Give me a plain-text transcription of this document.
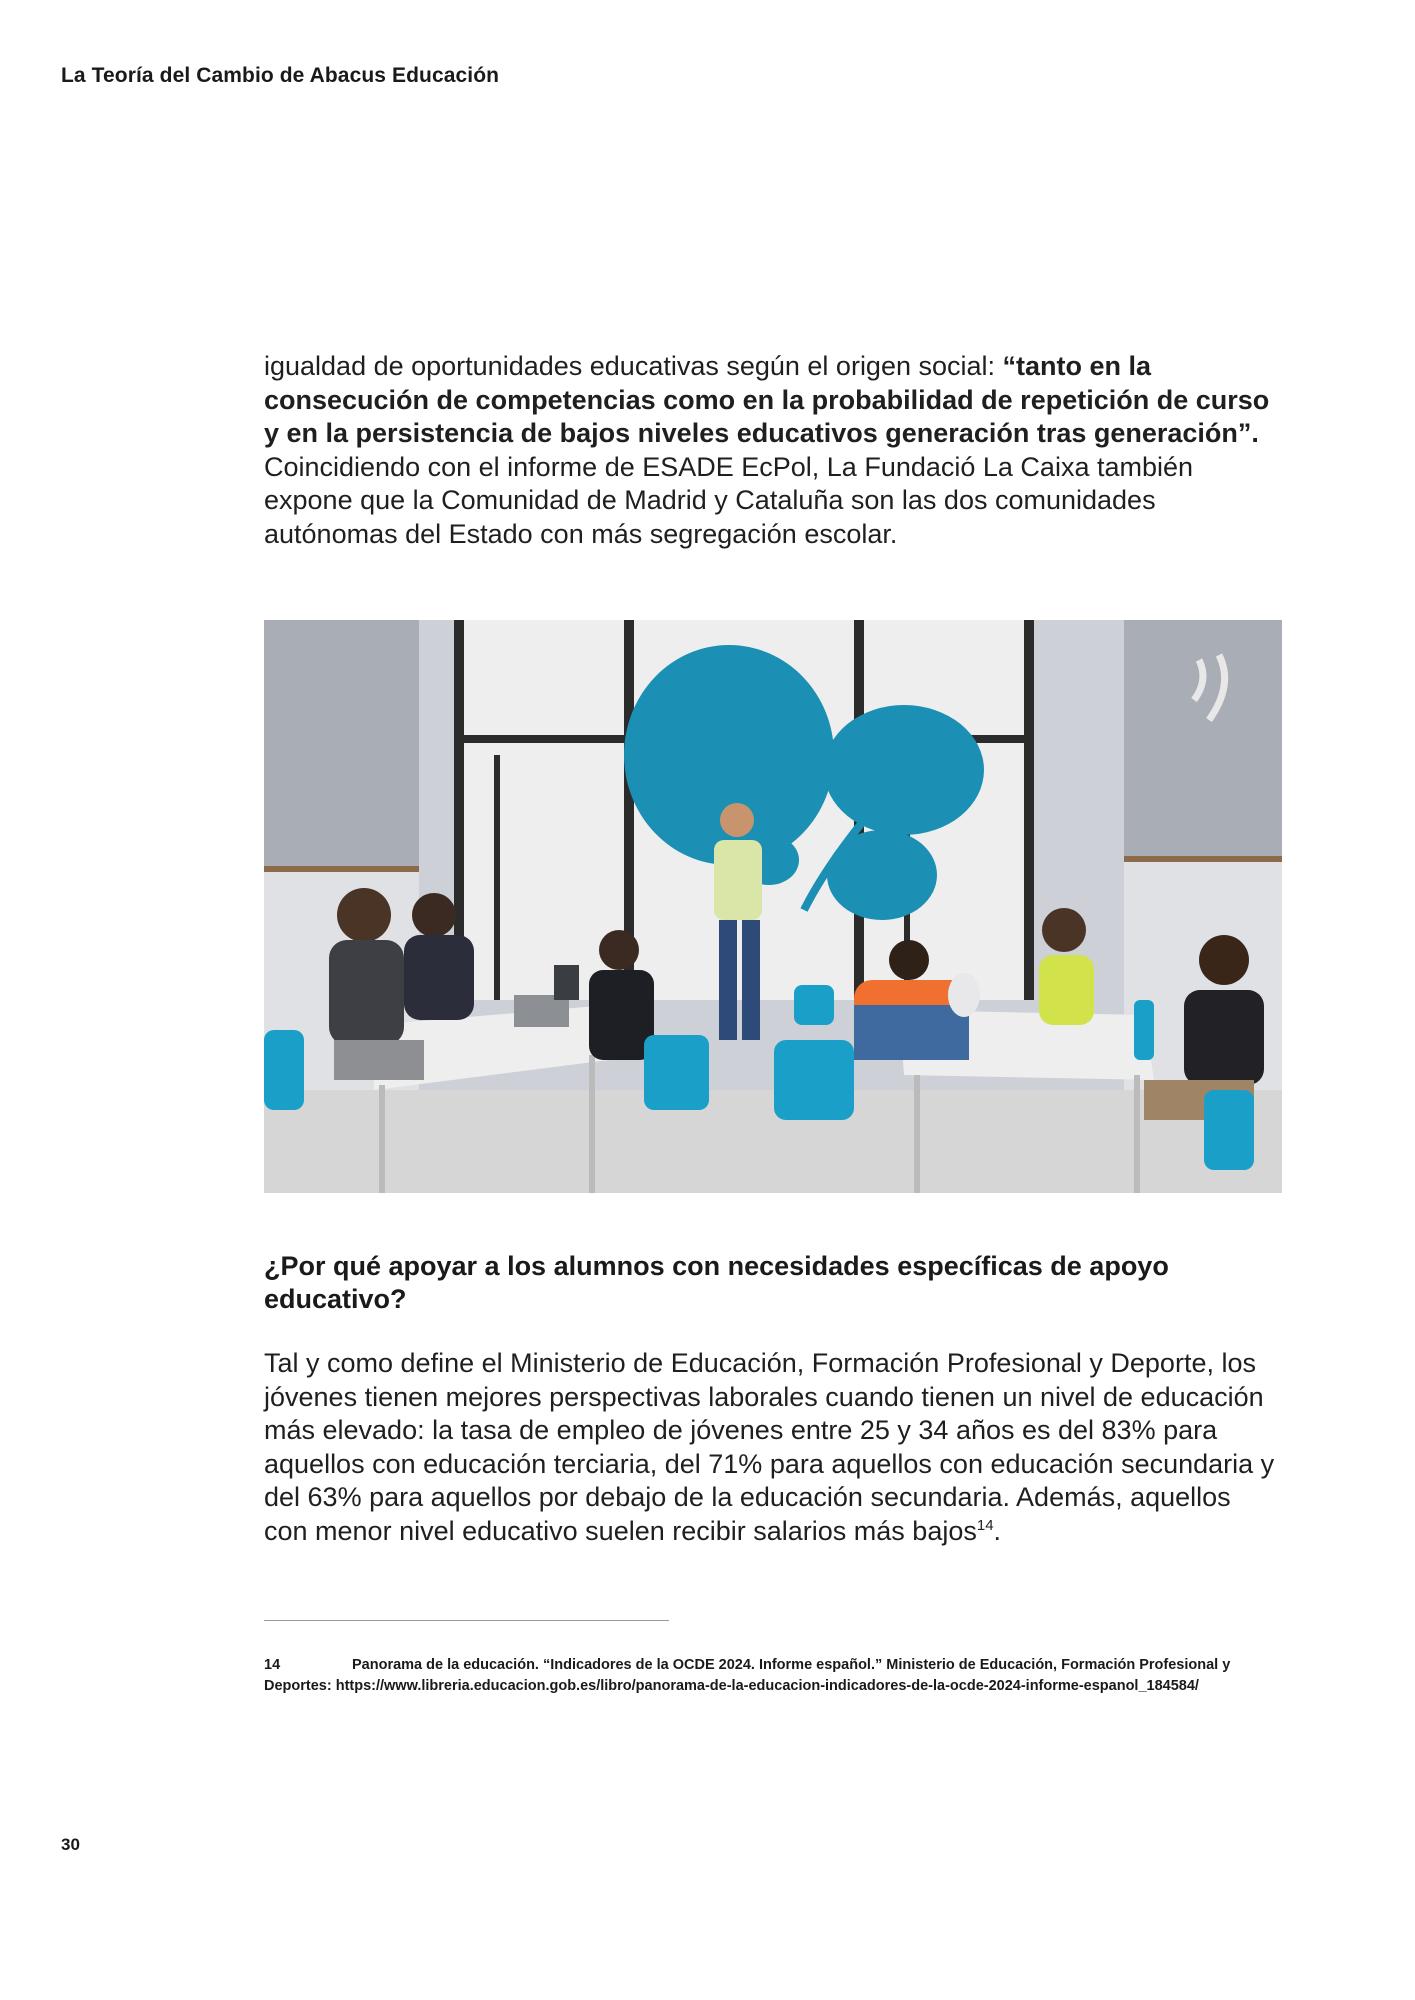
La Teoría del Cambio de Abacus Educación

igualdad de oportunidades educativas según el origen social: “tanto en la consecución de competencias como en la probabilidad de repetición de curso y en la persistencia de bajos niveles educativos generación tras generación”. Coincidiendo con el informe de ESADE EcPol, La Fundació La Caixa también expone que la Comunidad de Madrid y Cataluña son las dos comunidades autónomas del Estado con más segregación escolar.

¿Por qué apoyar a los alumnos con necesidades específicas de apoyo educativo?

Tal y como define el Ministerio de Educación, Formación Profesional y Deporte, los jóvenes tienen mejores perspectivas laborales cuando tienen un nivel de educación más elevado: la tasa de empleo de jóvenes entre 25 y 34 años es del 83% para aquellos con educación terciaria, del 71% para aquellos con educación secundaria y del 63% para aquellos por debajo de la educación secundaria. Además, aquellos con menor nivel educativo suelen recibir salarios más bajos$^{14}$.

14	Panorama de la educación. “Indicadores de la OCDE 2024. Informe español.” Ministerio de Educación, Formación Profesional y Deportes: https://www.libreria.educacion.gob.es/libro/panorama-de-la-educacion-indicadores-de-la-ocde-2024-informe-espanol_184584/

30
